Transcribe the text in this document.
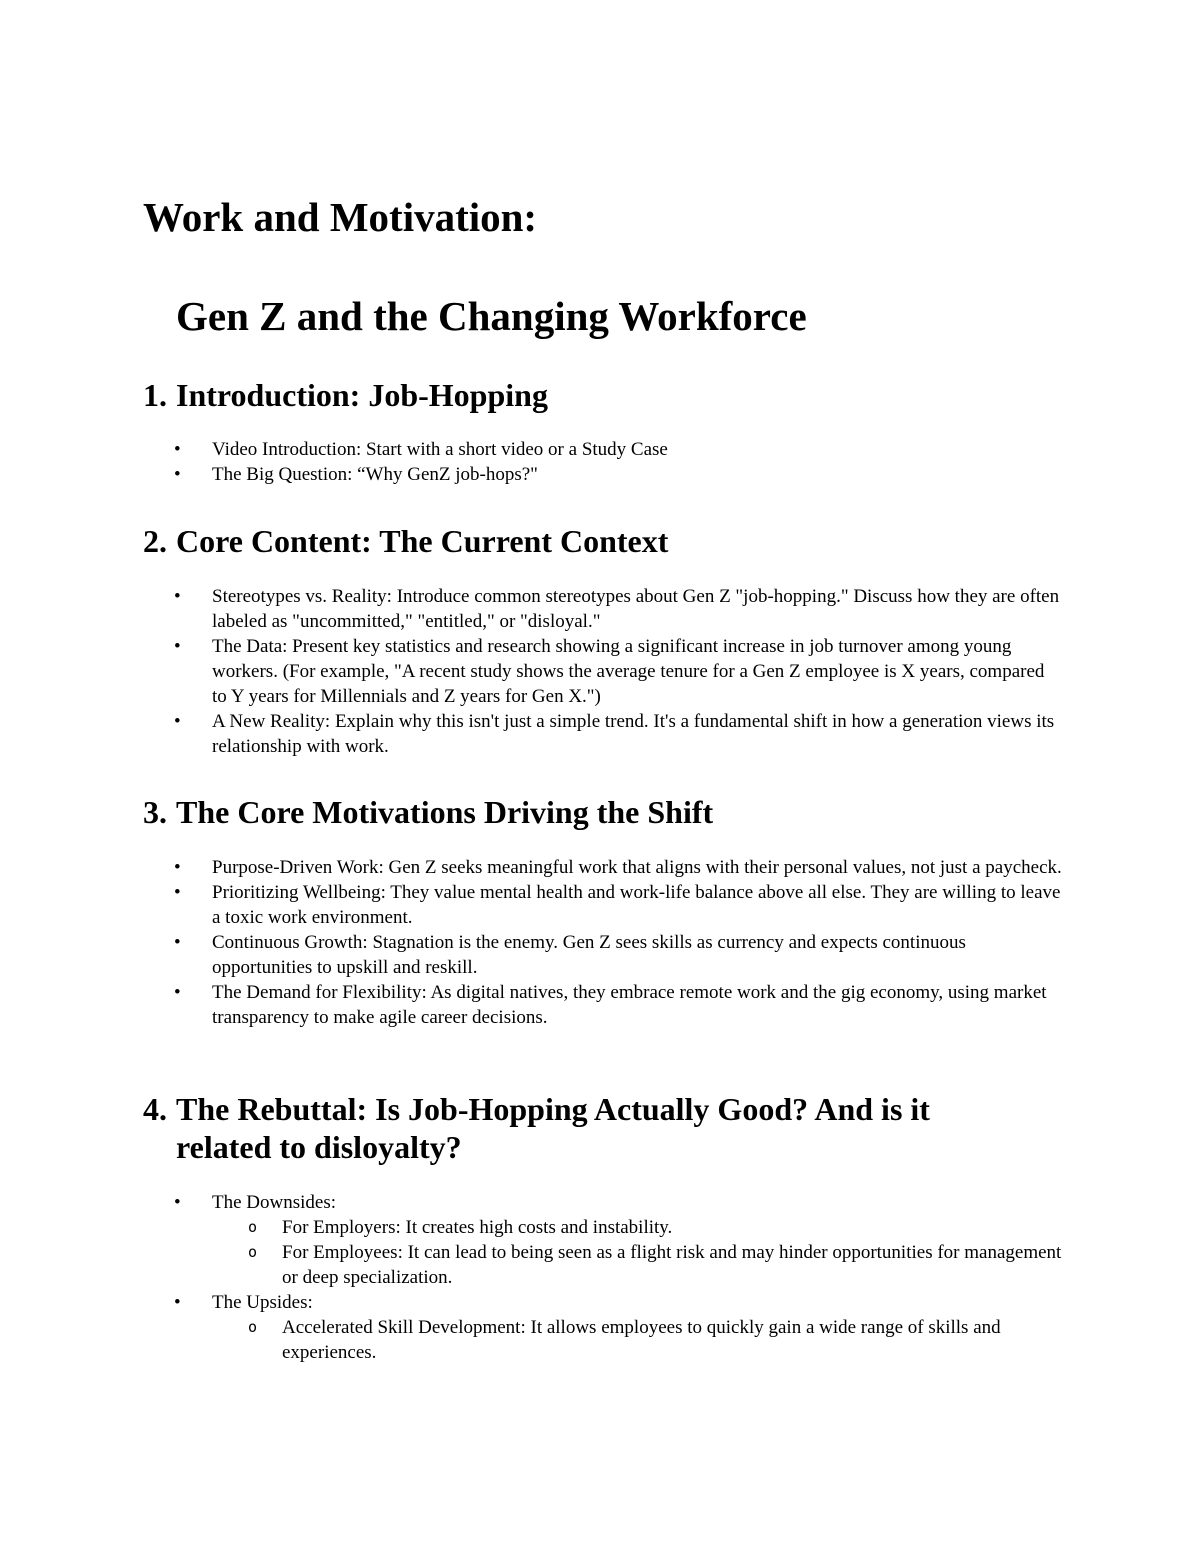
Work and Motivation:
Gen Z and the Changing Workforce
1. Introduction: Job-Hopping
• Video Introduction: Start with a short video or a Study Case
• The Big Question: “Why GenZ job-hops?"
2. Core Content: The Current Context
• Stereotypes vs. Reality: Introduce common stereotypes about Gen Z "job-hopping." Discuss how they are often labeled as "uncommitted," "entitled," or "disloyal."
• The Data: Present key statistics and research showing a significant increase in job turnover among young workers. (For example, "A recent study shows the average tenure for a Gen Z employee is X years, compared to Y years for Millennials and Z years for Gen X.")
• A New Reality: Explain why this isn't just a simple trend. It's a fundamental shift in how a generation views its relationship with work.
3. The Core Motivations Driving the Shift
• Purpose-Driven Work: Gen Z seeks meaningful work that aligns with their personal values, not just a paycheck.
• Prioritizing Wellbeing: They value mental health and work-life balance above all else. They are willing to leave a toxic work environment.
• Continuous Growth: Stagnation is the enemy. Gen Z sees skills as currency and expects continuous opportunities to upskill and reskill.
• The Demand for Flexibility: As digital natives, they embrace remote work and the gig economy, using market transparency to make agile career decisions.
4. The Rebuttal: Is Job-Hopping Actually Good? And is it
related to disloyalty?
• The Downsides:
o For Employers: It creates high costs and instability.
o For Employees: It can lead to being seen as a flight risk and may hinder opportunities for management or deep specialization.
• The Upsides:
o Accelerated Skill Development: It allows employees to quickly gain a wide range of skills and experiences.
